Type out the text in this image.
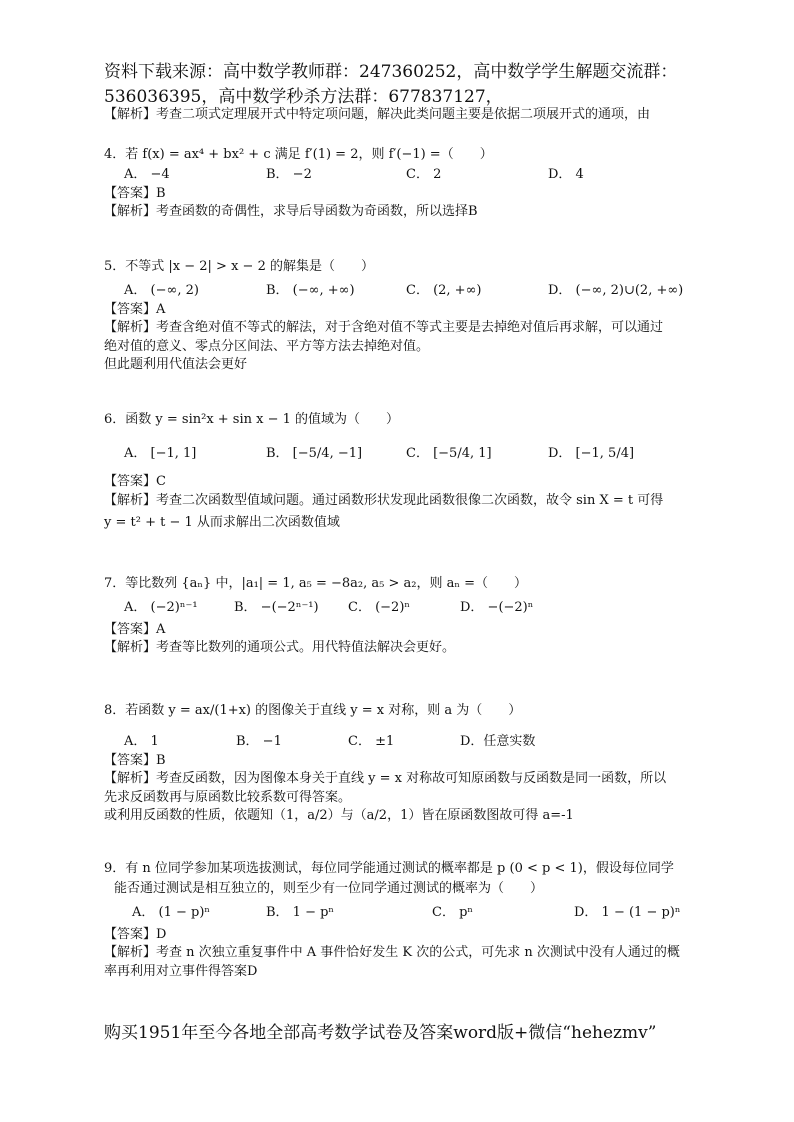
资料下载来源：高中数学教师群：247360252，高中数学学生解题交流群：
536036395，高中数学秒杀方法群：677837127，
【解析】考查二项式定理展开式中特定项问题，解决此类问题主要是依据二项展开式的通项，由
4．若 f(x) = ax⁴ + bx² + c 满足 f′(1) = 2，则 f′(−1) =（　　）
A． −4	B． −2	C． 2	D． 4
【答案】B
【解析】考查函数的奇偶性，求导后导函数为奇函数，所以选择B
5．不等式 |x − 2| > x − 2 的解集是（　　）
A． (−∞, 2)	B． (−∞, +∞)	C． (2, +∞)	D． (−∞, 2)∪(2, +∞)
【答案】A
【解析】考查含绝对值不等式的解法，对于含绝对值不等式主要是去掉绝对值后再求解，可以通过
绝对值的意义、零点分区间法、平方等方法去掉绝对值。
但此题利用代值法会更好
6．函数 y = sin²x + sin x − 1 的值域为（　　）
A． [−1, 1]	B． [−5/4, −1]	C． [−5/4, 1]	D． [−1, 5/4]
【答案】C
【解析】考查二次函数型值域问题。通过函数形状发现此函数很像二次函数，故令 sin X = t 可得
y = t² + t − 1 从而求解出二次函数值域
7．等比数列 {aₙ} 中，|a₁| = 1, a₅ = −8a₂, a₅ > a₂，则 aₙ =（　　）
A． (−2)ⁿ⁻¹	B． −(−2ⁿ⁻¹) C． (−2)ⁿ	D． −(−2)ⁿ
【答案】A
【解析】考查等比数列的通项公式。用代特值法解决会更好。
8．若函数 y = ax/(1+x) 的图像关于直线 y = x 对称，则 a 为（　　）
A． 1	B． −1	C． ±1	D．任意实数
【答案】B
【解析】考查反函数，因为图像本身关于直线 y = x 对称故可知原函数与反函数是同一函数，所以
先求反函数再与原函数比较系数可得答案。
或利用反函数的性质，依题知（1，a/2）与（a/2，1）皆在原函数图故可得 a=-1
9．有 n 位同学参加某项选拔测试，每位同学能通过测试的概率都是 p (0 < p < 1)，假设每位同学
能否通过测试是相互独立的，则至少有一位同学通过测试的概率为（　　）
A． (1 − p)ⁿ	B． 1 − pⁿ	C． pⁿ	D． 1 − (1 − p)ⁿ
【答案】D
【解析】考查 n 次独立重复事件中 A 事件恰好发生 K 次的公式，可先求 n 次测试中没有人通过的概
率再利用对立事件得答案D
购买1951年至今各地全部高考数学试卷及答案word版+微信“hehezmv”
